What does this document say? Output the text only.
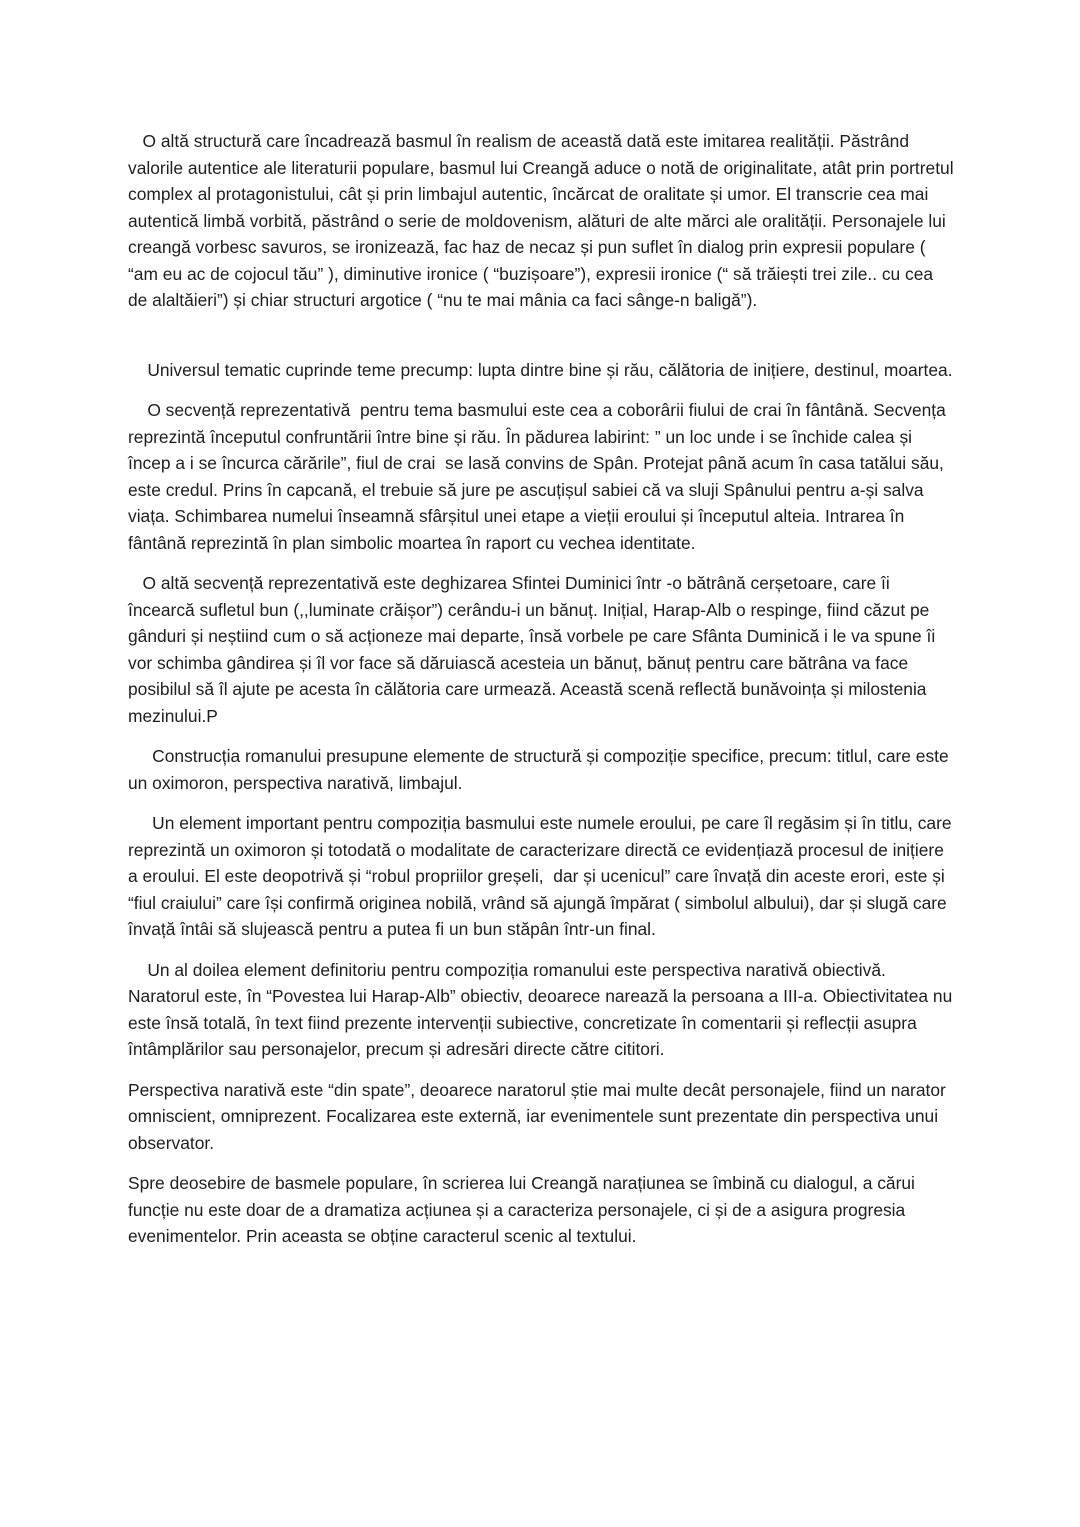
O altă structură care încadrează basmul în realism de această dată este imitarea realității. Păstrând valorile autentice ale literaturii populare, basmul lui Creangă aduce o notă de originalitate, atât prin portretul complex al protagonistului, cât și prin limbajul autentic, încărcat de oralitate și umor. El transcrie cea mai autentică limbă vorbită, păstrând o serie de moldovenism, alături de alte mărci ale oralității. Personajele lui creangă vorbesc savuros, se ironizează, fac haz de necaz și pun suflet în dialog prin expresii populare ( “am eu ac de cojocul tău” ), diminutive ironice ( “buzișoare”), expresii ironice (“ să trăiești trei zile.. cu cea de alaltăieri”) și chiar structuri argotice ( “nu te mai mânia ca faci sânge-n baligă”).

Universul tematic cuprinde teme precump: lupta dintre bine și rău, călătoria de inițiere, destinul, moartea.

O secvență reprezentativă  pentru tema basmului este cea a coborârii fiului de crai în fântână. Secvența reprezintă începutul confruntării între bine și rău. În pădurea labirint: ” un loc unde i se închide calea și încep a i se încurca cărările”, fiul de crai  se lasă convins de Spân. Protejat până acum în casa tatălui său, este credul. Prins în capcană, el trebuie să jure pe ascuțișul sabiei că va sluji Spânului pentru a-și salva viața. Schimbarea numelui înseamnă sfârșitul unei etape a vieții eroului și începutul alteia. Intrarea în fântână reprezintă în plan simbolic moartea în raport cu vechea identitate.

O altă secvență reprezentativă este deghizarea Sfintei Duminici într -o bătrână cerșetoare, care îi încearcă sufletul bun (,,luminate crăișor”) cerându-i un bănuț. Inițial, Harap-Alb o respinge, fiind căzut pe gânduri și neștiind cum o să acționeze mai departe, însă vorbele pe care Sfânta Duminică i le va spune îi vor schimba gândirea și îl vor face să dăruiască acesteia un bănuț, bănuț pentru care bătrâna va face posibilul să îl ajute pe acesta în călătoria care urmează. Această scenă reflectă bunăvoința și milostenia mezinului.P

Construcția romanului presupune elemente de structură și compoziție specifice, precum: titlul, care este un oximoron, perspectiva narativă, limbajul.

Un element important pentru compoziția basmului este numele eroului, pe care îl regăsim și în titlu, care reprezintă un oximoron și totodată o modalitate de caracterizare directă ce evidențiază procesul de inițiere a eroului. El este deopotrivă și “robul propriilor greșeli,  dar și ucenicul” care învață din aceste erori, este și “fiul craiului” care își confirmă originea nobilă, vrând să ajungă împărat ( simbolul albului), dar și slugă care învață întâi să slujească pentru a putea fi un bun stăpân într-un final.

Un al doilea element definitoriu pentru compoziția romanului este perspectiva narativă obiectivă. Naratorul este, în “Povestea lui Harap-Alb” obiectiv, deoarece narează la persoana a III-a. Obiectivitatea nu este însă totală, în text fiind prezente intervenții subiective, concretizate în comentarii și reflecții asupra întâmplărilor sau personajelor, precum și adresări directe către cititori.

Perspectiva narativă este “din spate”, deoarece naratorul știe mai multe decât personajele, fiind un narator omniscient, omniprezent. Focalizarea este externă, iar evenimentele sunt prezentate din perspectiva unui observator.

Spre deosebire de basmele populare, în scrierea lui Creangă narațiunea se îmbină cu dialogul, a cărui funcție nu este doar de a dramatiza acțiunea și a caracteriza personajele, ci și de a asigura progresia evenimentelor. Prin aceasta se obține caracterul scenic al textului.
